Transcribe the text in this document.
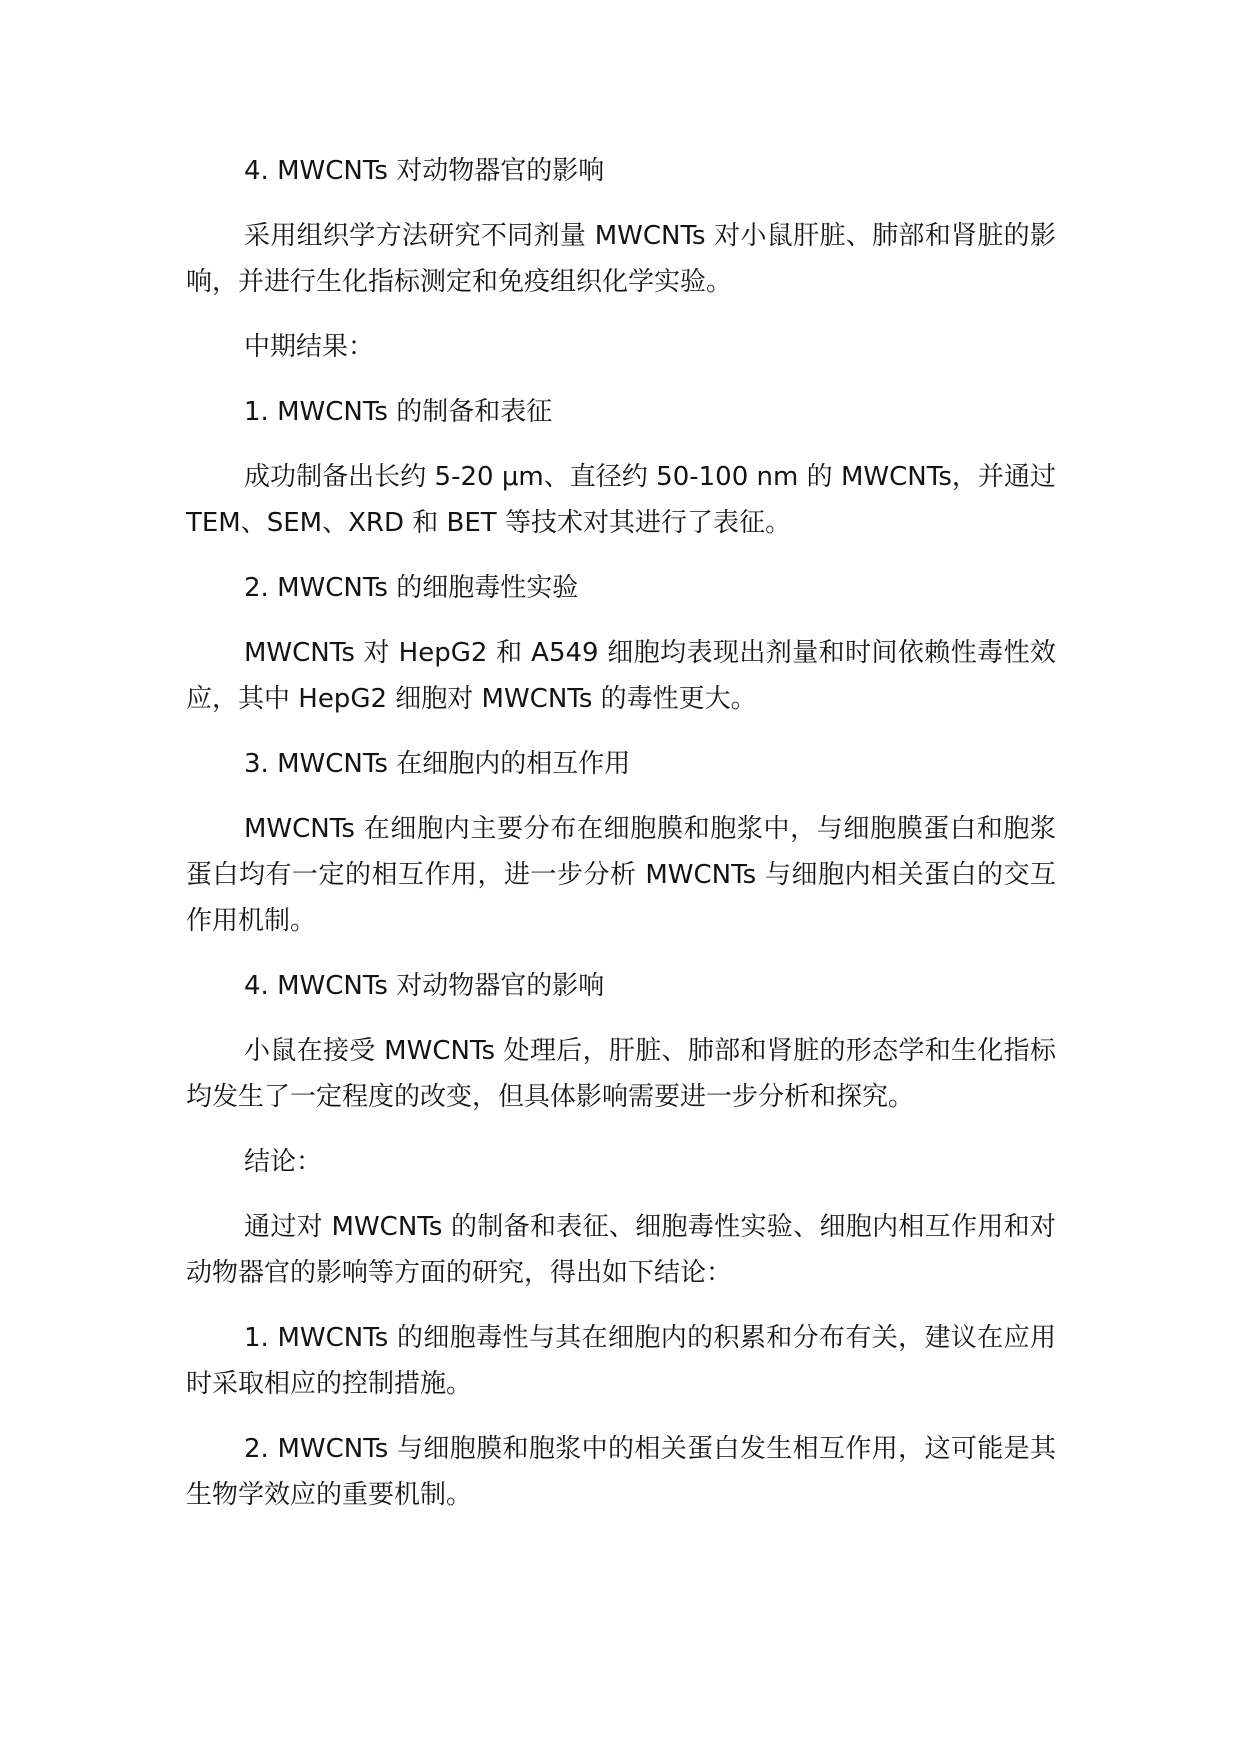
4. MWCNTs 对动物器官的影响

采用组织学方法研究不同剂量 MWCNTs 对小鼠肝脏、肺部和肾脏的影响，并进行生化指标测定和免疫组织化学实验。

中期结果：

1. MWCNTs 的制备和表征

成功制备出长约 5-20 μm、直径约 50-100 nm 的 MWCNTs，并通过 TEM、SEM、XRD 和 BET 等技术对其进行了表征。

2. MWCNTs 的细胞毒性实验

MWCNTs 对 HepG2 和 A549 细胞均表现出剂量和时间依赖性毒性效应，其中 HepG2 细胞对 MWCNTs 的毒性更大。

3. MWCNTs 在细胞内的相互作用

MWCNTs 在细胞内主要分布在细胞膜和胞浆中，与细胞膜蛋白和胞浆蛋白均有一定的相互作用，进一步分析 MWCNTs 与细胞内相关蛋白的交互作用机制。

4. MWCNTs 对动物器官的影响

小鼠在接受 MWCNTs 处理后，肝脏、肺部和肾脏的形态学和生化指标均发生了一定程度的改变，但具体影响需要进一步分析和探究。

结论：

通过对 MWCNTs 的制备和表征、细胞毒性实验、细胞内相互作用和对动物器官的影响等方面的研究，得出如下结论：

1. MWCNTs 的细胞毒性与其在细胞内的积累和分布有关，建议在应用时采取相应的控制措施。

2. MWCNTs 与细胞膜和胞浆中的相关蛋白发生相互作用，这可能是其生物学效应的重要机制。
